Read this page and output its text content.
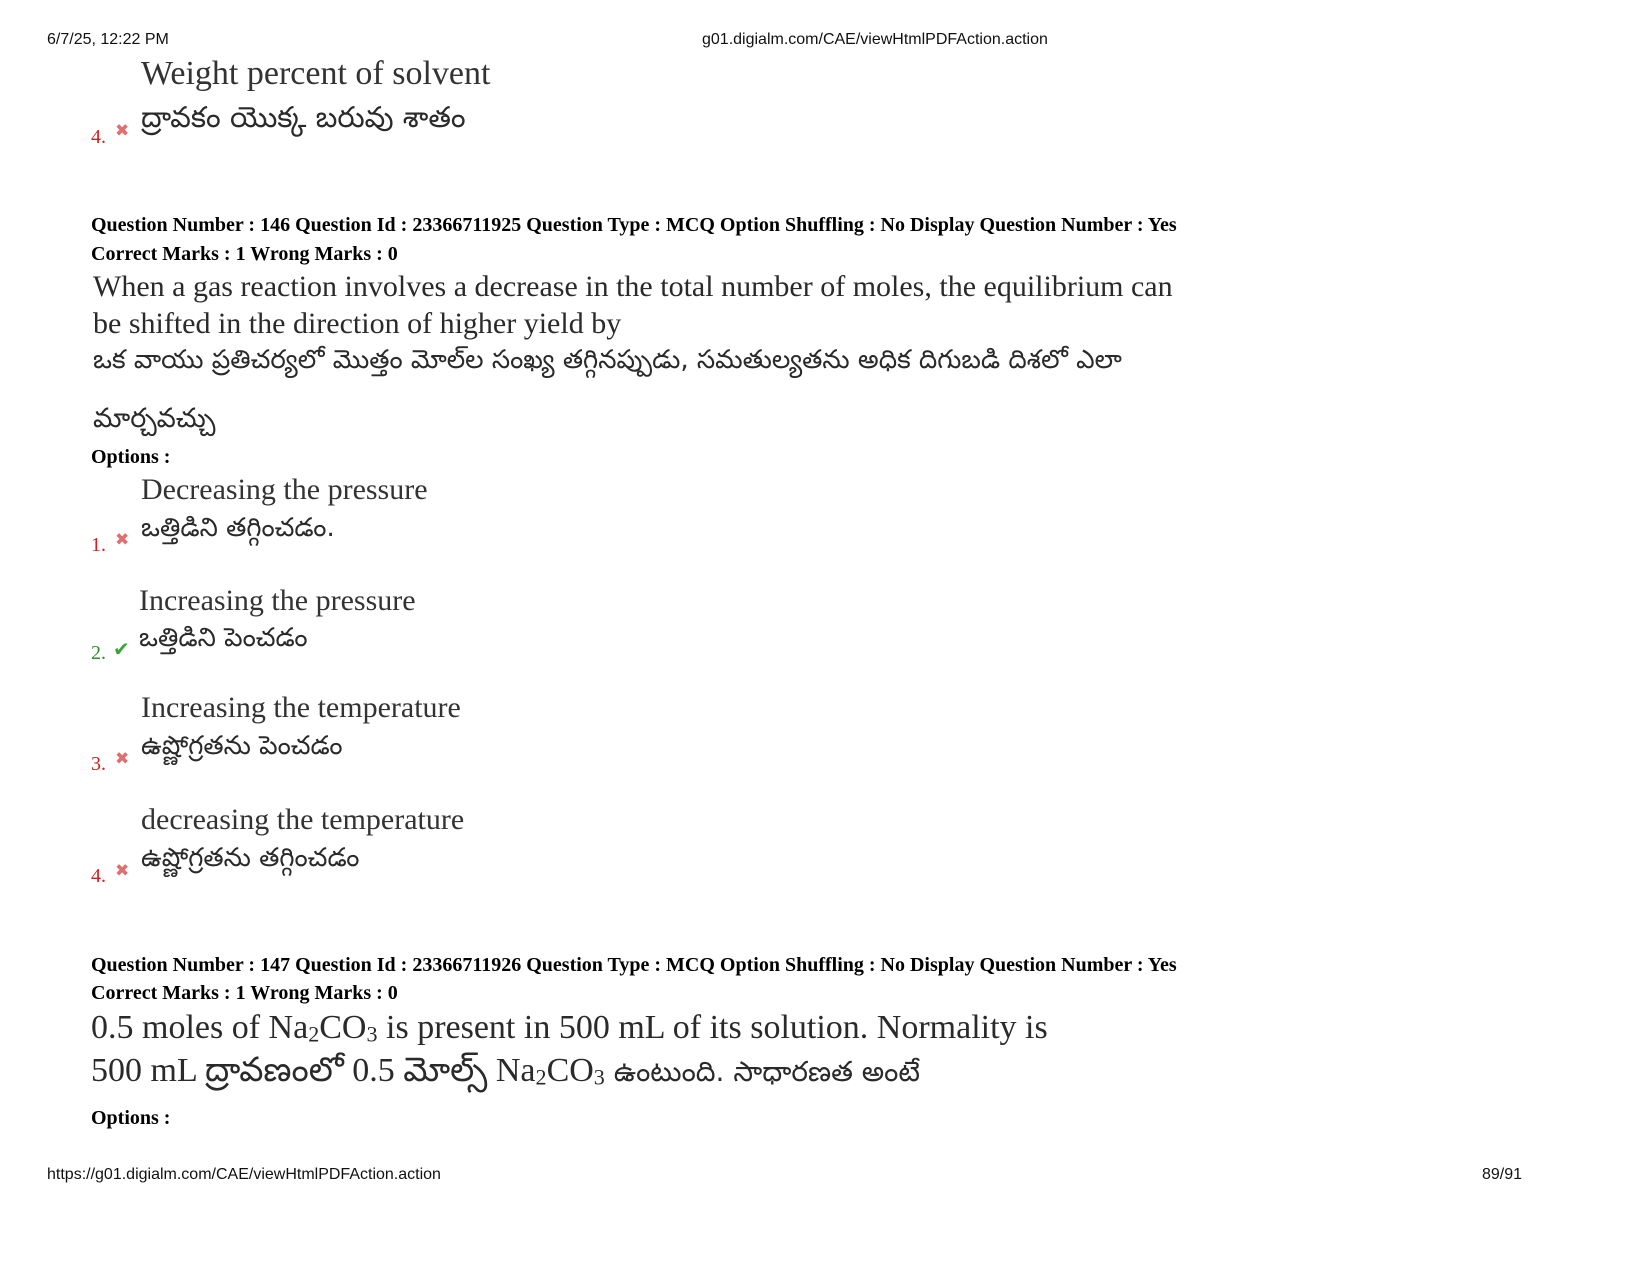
6/7/25, 12:22 PM	g01.digialm.com/CAE/viewHtmlPDFAction.action
Weight percent of solvent
ద్రావకం యొక్క బరువు శాతం
4. ✖
Question Number : 146 Question Id : 23366711925 Question Type : MCQ Option Shuffling : No Display Question Number : Yes
Correct Marks : 1 Wrong Marks : 0
When a gas reaction involves a decrease in the total number of moles, the equilibrium can
be shifted in the direction of higher yield by
ఒక వాయు ప్రతిచర్యలో మొత్తం మోల్‌ల సంఖ్య తగ్గినప్పుడు, సమతుల్యతను అధిక దిగుబడి దిశలో ఎలా
మార్చవచ్చు
Options :
Decreasing the pressure
ఒత్తిడిని తగ్గించడం.
1. ✖
Increasing the pressure
ఒత్తిడిని పెంచడం
2. ✔
Increasing the temperature
ఉష్ణోగ్రతను పెంచడం
3. ✖
decreasing the temperature
ఉష్ణోగ్రతను తగ్గించడం
4. ✖
Question Number : 147 Question Id : 23366711926 Question Type : MCQ Option Shuffling : No Display Question Number : Yes
Correct Marks : 1 Wrong Marks : 0
0.5 moles of $Na_2CO_3$ is present in 500 mL of its solution. Normality is
500 mL ద్రావణంలో 0.5 మోల్స్ $Na_2CO_3$ ఉంటుంది. సాధారణత అంటే
Options :
https://g01.digialm.com/CAE/viewHtmlPDFAction.action	89/91
